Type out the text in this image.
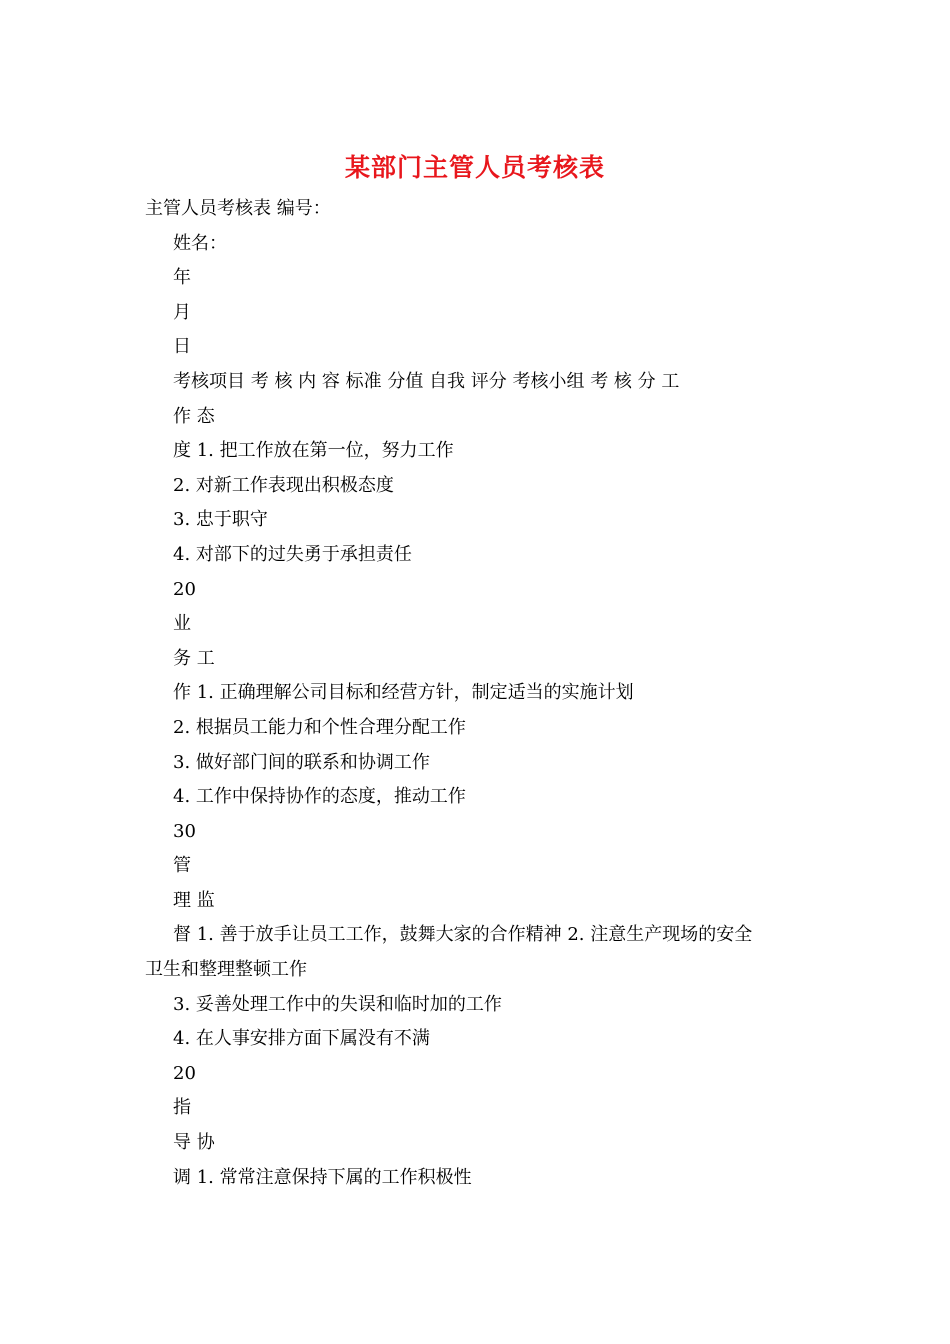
某部门主管人员考核表
主管人员考核表 编号：
姓名：
年
月
日
考核项目 考 核 内 容 标准 分值 自我 评分 考核小组 考 核 分 工
作 态
度 1. 把工作放在第一位，努力工作
2. 对新工作表现出积极态度
3. 忠于职守
4. 对部下的过失勇于承担责任
20
业
务 工
作 1. 正确理解公司目标和经营方针，制定适当的实施计划
2. 根据员工能力和个性合理分配工作
3. 做好部门间的联系和协调工作
4. 工作中保持协作的态度，推动工作
30
管
理 监
督 1. 善于放手让员工工作，鼓舞大家的合作精神 2. 注意生产现场的安全
卫生和整理整顿工作
3. 妥善处理工作中的失误和临时加的工作
4. 在人事安排方面下属没有不满
20
指
导 协
调 1. 常常注意保持下属的工作积极性
